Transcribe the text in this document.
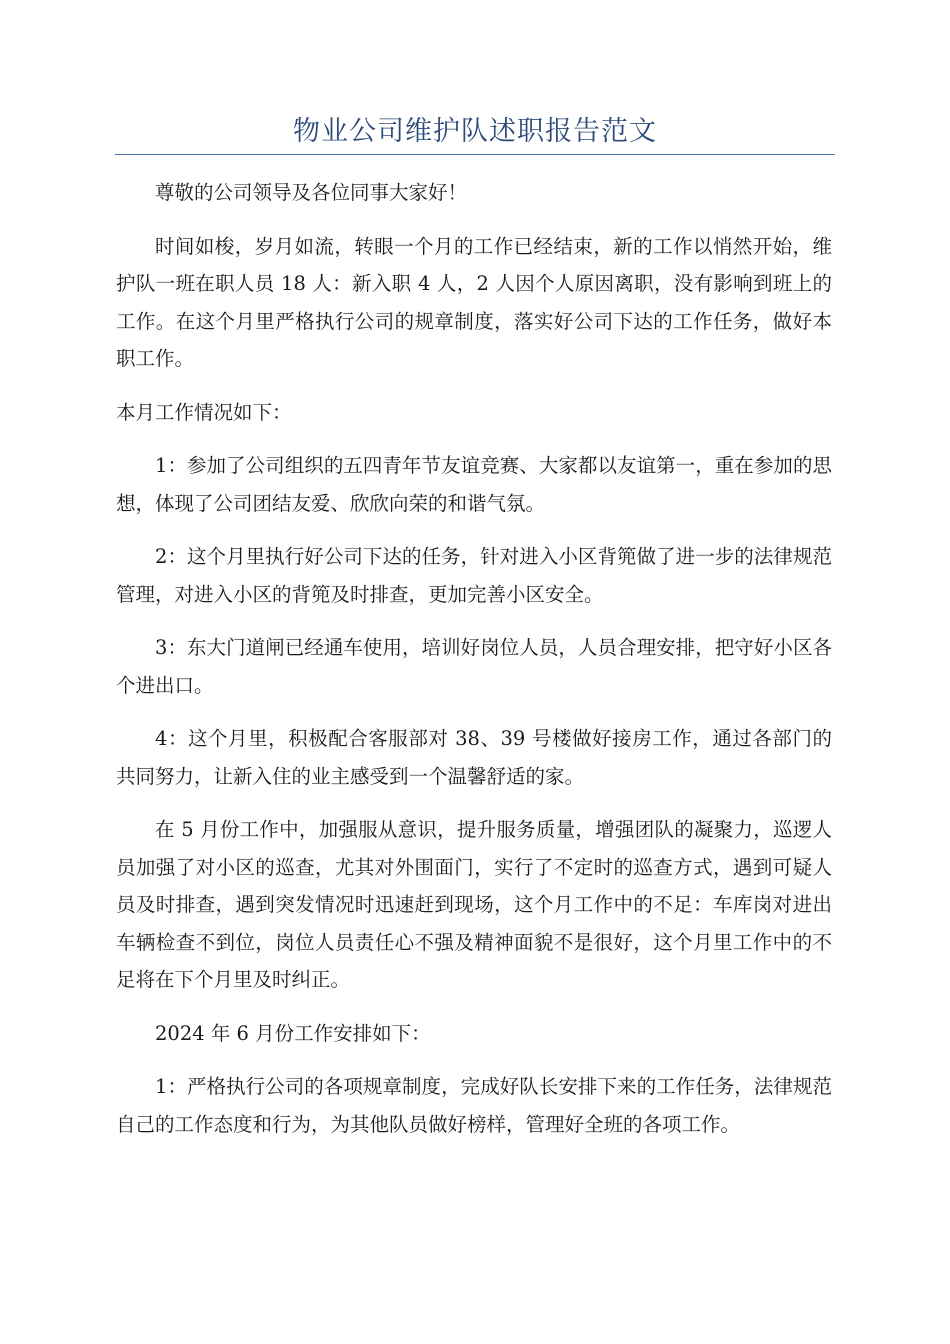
物业公司维护队述职报告范文

尊敬的公司领导及各位同事大家好！

时间如梭，岁月如流，转眼一个月的工作已经结束，新的工作以悄然开始，维护队一班在职人员 18 人：新入职 4 人，2 人因个人原因离职，没有影响到班上的工作。在这个月里严格执行公司的规章制度，落实好公司下达的工作任务，做好本职工作。

本月工作情况如下：

1：参加了公司组织的五四青年节友谊竞赛、大家都以友谊第一，重在参加的思想，体现了公司团结友爱、欣欣向荣的和谐气氛。

2：这个月里执行好公司下达的任务，针对进入小区背篼做了进一步的法律规范管理，对进入小区的背篼及时排查，更加完善小区安全。

3：东大门道闸已经通车使用，培训好岗位人员，人员合理安排，把守好小区各个进出口。

4：这个月里，积极配合客服部对 38、39 号楼做好接房工作，通过各部门的共同努力，让新入住的业主感受到一个温馨舒适的家。

在 5 月份工作中，加强服从意识，提升服务质量，增强团队的凝聚力，巡逻人员加强了对小区的巡查，尤其对外围面门，实行了不定时的巡查方式，遇到可疑人员及时排查，遇到突发情况时迅速赶到现场，这个月工作中的不足：车库岗对进出车辆检查不到位，岗位人员责任心不强及精神面貌不是很好，这个月里工作中的不足将在下个月里及时纠正。

2024 年 6 月份工作安排如下：

1：严格执行公司的各项规章制度，完成好队长安排下来的工作任务，法律规范自己的工作态度和行为，为其他队员做好榜样，管理好全班的各项工作。
